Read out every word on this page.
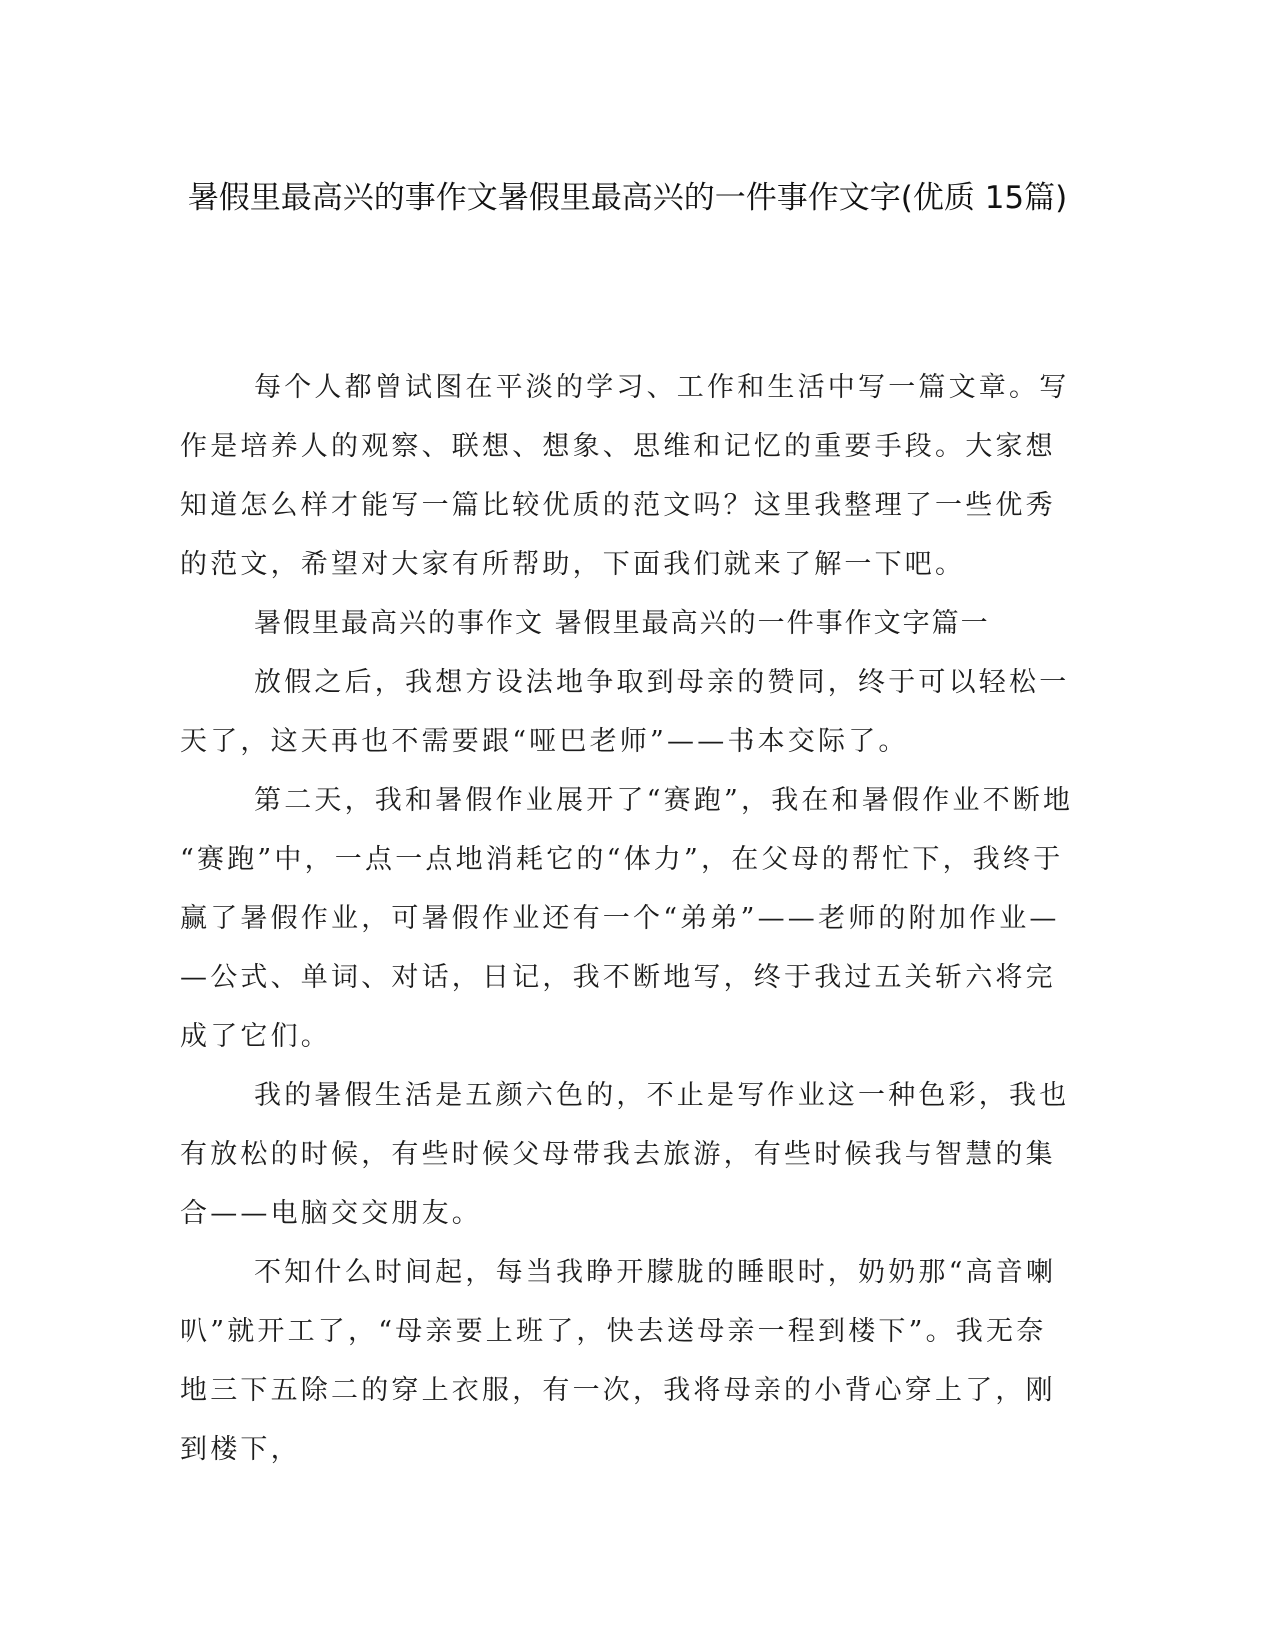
暑假里最高兴的事作文暑假里最高兴的一件事作文字(优质 15篇)

每个人都曾试图在平淡的学习、工作和生活中写一篇文章。写作是培养人的观察、联想、想象、思维和记忆的重要手段。大家想知道怎么样才能写一篇比较优质的范文吗？这里我整理了一些优秀的范文，希望对大家有所帮助，下面我们就来了解一下吧。

暑假里最高兴的事作文 暑假里最高兴的一件事作文字篇一

放假之后，我想方设法地争取到母亲的赞同，终于可以轻松一天了，这天再也不需要跟“哑巴老师”——书本交际了。

第二天，我和暑假作业展开了“赛跑”，我在和暑假作业不断地“赛跑”中，一点一点地消耗它的“体力”，在父母的帮忙下，我终于赢了暑假作业，可暑假作业还有一个“弟弟”——老师的附加作业——公式、单词、对话，日记，我不断地写，终于我过五关斩六将完成了它们。

我的暑假生活是五颜六色的，不止是写作业这一种色彩，我也有放松的时候，有些时候父母带我去旅游，有些时候我与智慧的集合——电脑交交朋友。

不知什么时间起，每当我睁开朦胧的睡眼时，奶奶那“高音喇叭”就开工了，“母亲要上班了，快去送母亲一程到楼下”。我无奈地三下五除二的穿上衣服，有一次，我将母亲的小背心穿上了，刚到楼下，
